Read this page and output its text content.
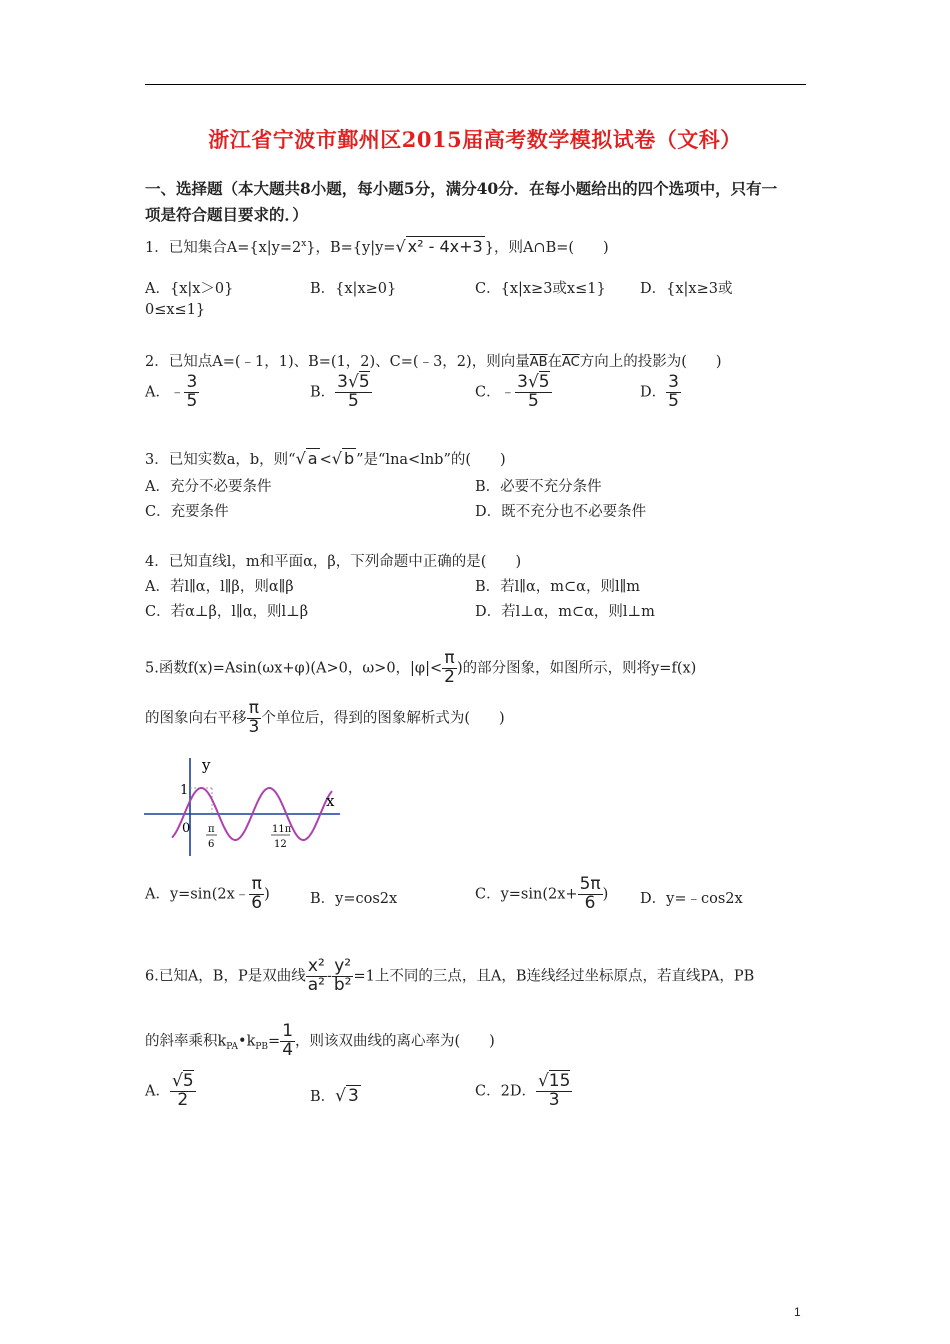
浙江省宁波市鄞州区2015届高考数学模拟试卷（文科）
一、选择题（本大题共8小题，每小题5分，满分40分．在每小题给出的四个选项中，只有一
项是符合题目要求的．）
1．已知集合$A=\{x|y=2^x\}$，B={y|y=√ x² - 4x+3 }，则A∩B=(　　)
A．{x|x＞0}	B．{x|x≥0}	C．{x|x≥3或x≤1} D．{x|x≥3或
0≤x≤1}
2．已知点A=(﹣1，1)、B=(1，2)、C=(﹣3，2)，则向量$\overline{AB}$在$\overline{AC}$方向上的投影为(　　)
A．﹣ $\frac{3}{5}$	B． $\frac{3√5}{5}$	C．﹣ $\frac{3√5}{5}$	D． $\frac{3}{5}$
3．已知实数a，b，则“√ a <√ b ”是“lna<lnb”的(　　)
A．充分不必要条件	B．必要不充分条件
C．充要条件	D．既不充分也不必要条件
4．已知直线l，m和平面α，β，下列命题中正确的是(　　)
A．若l∥α，l∥β，则α∥β	B．若l∥α，m⊂α，则l∥m
C．若α⊥β，l∥α，则l⊥β	D．若l⊥α，m⊂α，则l⊥m
5.函数f(x)=Asin(ωx+φ)(A>0，ω>0，$|\varphi|< \frac{\pi}{2}$ )的部分图象，如图所示，则将y=f(x)
的图象向右平移 $\frac{\pi}{3}$ 个单位后，得到的图象解析式为(　　)
y
x
1
0 π
6
11π
12
A．y=sin(2x﹣ $\frac{\pi}{6}$ )	B．y=cos2x	C．$y=\sin(2x+ \frac{5\pi}{6}$ ) D．y=﹣cos2x
6.已知A，B，P是双曲线 $\frac{\text{x²}}{\text{a²}} - \frac{\text{y²}}{\text{b²}} =1$上不同的三点，且A，B连线经过坐标原点，若直线PA，PB
的斜率乘积$k_{PA}•k_{PB}= \frac{1}{4}$ ，则该双曲线的离心率为(　　)
A． $\frac{√5}{2}$	B．√ 3	C．2D． $\frac{√15}{3}$
1
